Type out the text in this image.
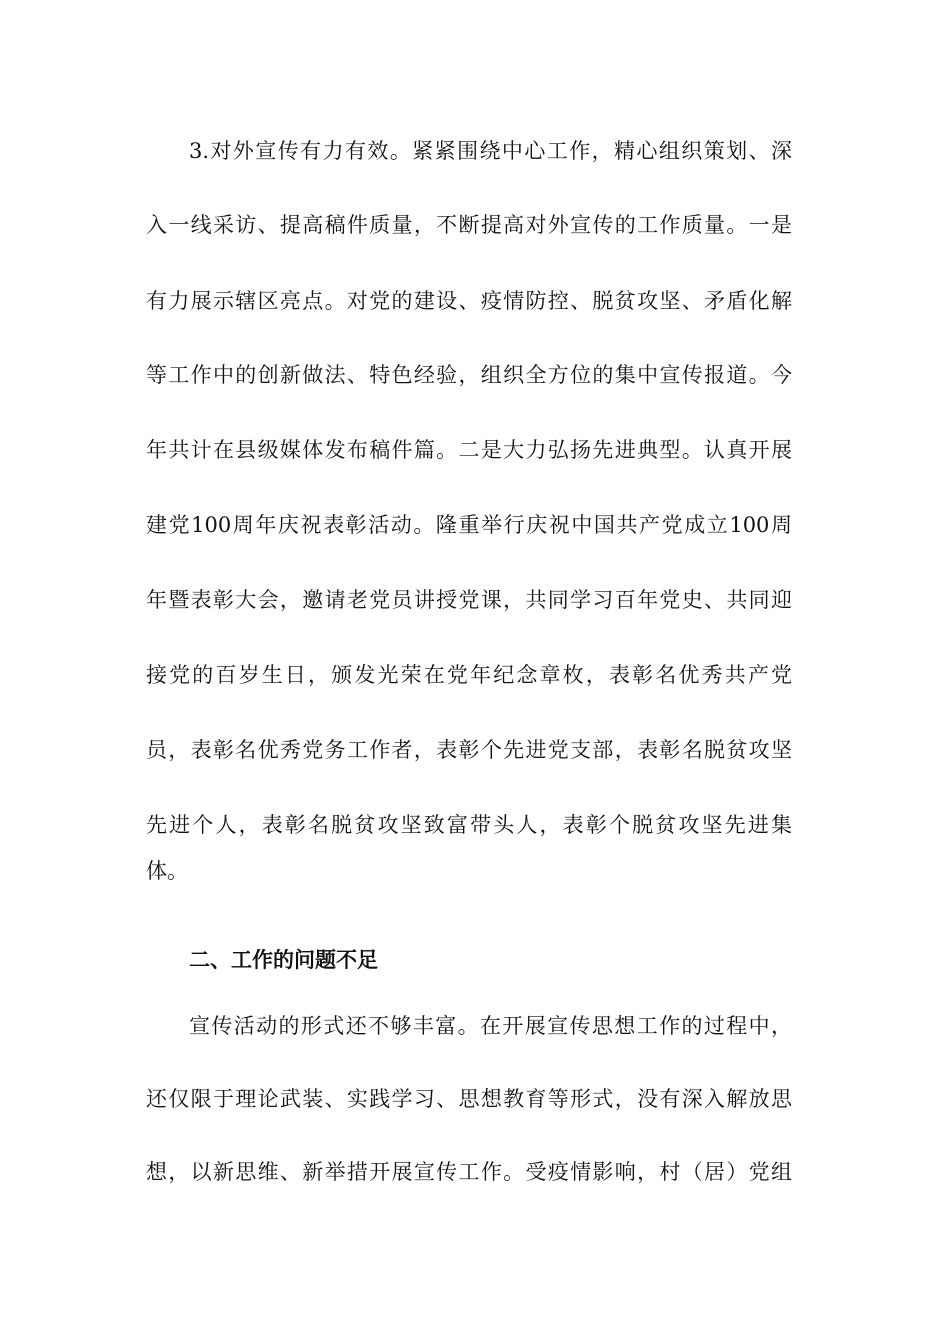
3.对外宣传有力有效。紧紧围绕中心工作，精心组织策划、深
入一线采访、提高稿件质量，不断提高对外宣传的工作质量。一是
有力展示辖区亮点。对党的建设、疫情防控、脱贫攻坚、矛盾化解
等工作中的创新做法、特色经验，组织全方位的集中宣传报道。今
年共计在县级媒体发布稿件篇。二是大力弘扬先进典型。认真开展
建党100周年庆祝表彰活动。隆重举行庆祝中国共产党成立100周
年暨表彰大会，邀请老党员讲授党课，共同学习百年党史、共同迎
接党的百岁生日，颁发光荣在党年纪念章枚，表彰名优秀共产党
员，表彰名优秀党务工作者，表彰个先进党支部，表彰名脱贫攻坚
先进个人，表彰名脱贫攻坚致富带头人，表彰个脱贫攻坚先进集
体。
二、工作的问题不足
宣传活动的形式还不够丰富。在开展宣传思想工作的过程中，
还仅限于理论武装、实践学习、思想教育等形式，没有深入解放思
想，以新思维、新举措开展宣传工作。受疫情影响，村（居）党组
